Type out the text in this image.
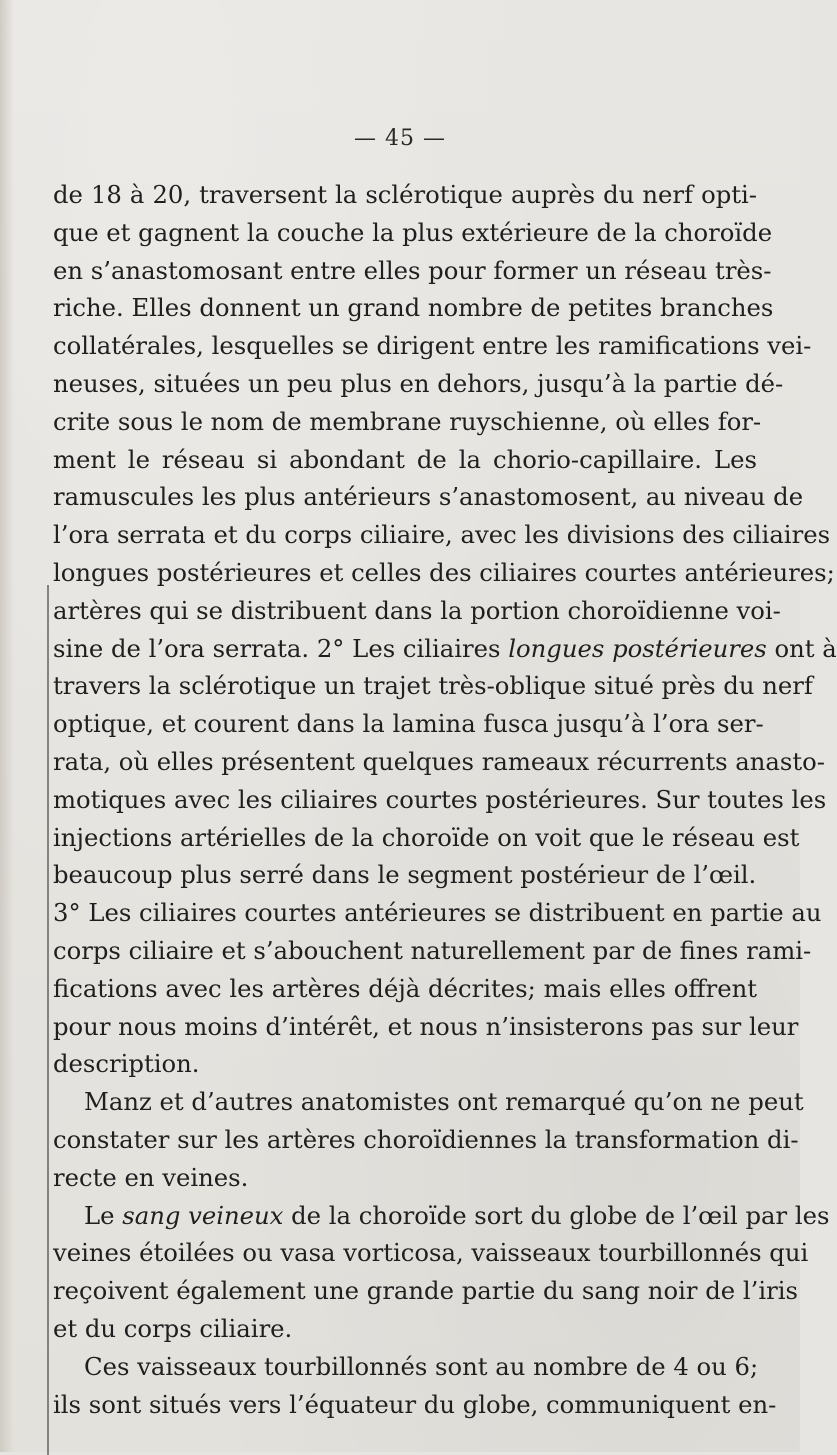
— 45 —
de 18 à 20, traversent la sclérotique auprès du nerf opti-
que et gagnent la couche la plus extérieure de la choroïde
en s’anastomosant entre elles pour former un réseau très-
riche. Elles donnent un grand nombre de petites branches
collatérales, lesquelles se dirigent entre les ramifications vei-
neuses, situées un peu plus en dehors, jusqu’à la partie dé-
crite sous le nom de membrane ruyschienne, où elles for-
ment le réseau si abondant de la chorio-capillaire. Les
ramuscules les plus antérieurs s’anastomosent, au niveau de
l’ora serrata et du corps ciliaire, avec les divisions des ciliaires
longues postérieures et celles des ciliaires courtes antérieures;
artères qui se distribuent dans la portion choroïdienne voi-
sine de l’ora serrata. 2° Les ciliaires longues postérieures ont à
travers la sclérotique un trajet très-oblique situé près du nerf
optique, et courent dans la lamina fusca jusqu’à l’ora ser-
rata, où elles présentent quelques rameaux récurrents anasto-
motiques avec les ciliaires courtes postérieures. Sur toutes les
injections artérielles de la choroïde on voit que le réseau est
beaucoup plus serré dans le segment postérieur de l’œil.
3° Les ciliaires courtes antérieures se distribuent en partie au
corps ciliaire et s’abouchent naturellement par de fines rami-
fications avec les artères déjà décrites; mais elles offrent
pour nous moins d’intérêt, et nous n’insisterons pas sur leur
description.
Manz et d’autres anatomistes ont remarqué qu’on ne peut
constater sur les artères choroïdiennes la transformation di-
recte en veines.
Le sang veineux de la choroïde sort du globe de l’œil par les
veines étoilées ou vasa vorticosa, vaisseaux tourbillonnés qui
reçoivent également une grande partie du sang noir de l’iris
et du corps ciliaire.
Ces vaisseaux tourbillonnés sont au nombre de 4 ou 6;
ils sont situés vers l’équateur du globe, communiquent en-
